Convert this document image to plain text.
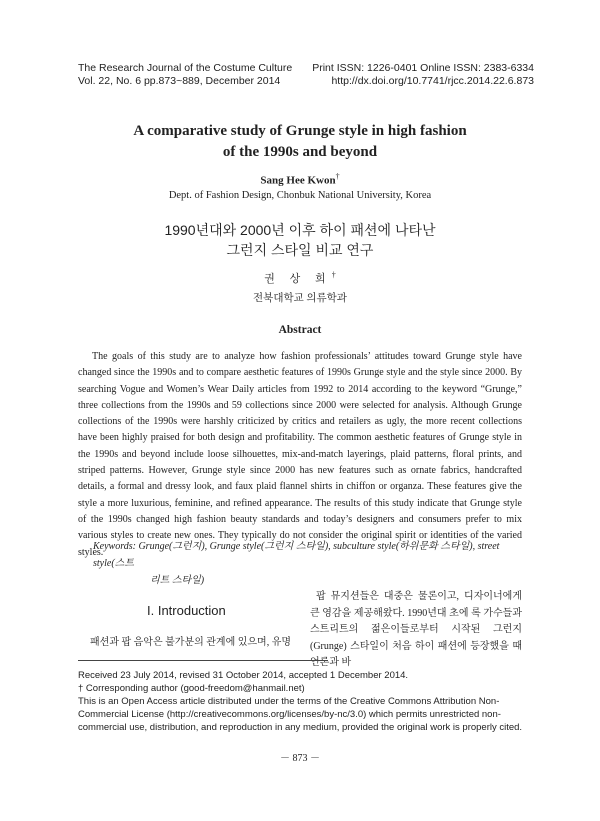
The Research Journal of the Costume Culture
Vol. 22, No. 6 pp.873~889, December 2014
Print ISSN: 1226-0401 Online ISSN: 2383-6334
http://dx.doi.org/10.7741/rjcc.2014.22.6.873
A comparative study of Grunge style in high fashion
of the 1990s and beyond
Sang Hee Kwon†
Dept. of Fashion Design, Chonbuk National University, Korea
1990년대와 2000년 이후 하이 패션에 나타난
그런지 스타일 비교 연구
권 상 희†
전북대학교 의류학과
Abstract
The goals of this study are to analyze how fashion professionals’ attitudes toward Grunge style have changed since the 1990s and to compare aesthetic features of 1990s Grunge style and the style since 2000. By searching Vogue and Women’s Wear Daily articles from 1992 to 2014 according to the keyword “Grunge,” three collections from the 1990s and 59 collections since 2000 were selected for analysis. Although Grunge collections of the 1990s were harshly criticized by critics and retailers as ugly, the more recent collections have been highly praised for both design and profitability. The common aesthetic features of Grunge style in the 1990s and beyond include loose silhouettes, mix-and-match layerings, plaid patterns, floral prints, and striped patterns. However, Grunge style since 2000 has new features such as ornate fabrics, handcrafted details, a formal and dressy look, and faux plaid flannel shirts in chiffon or organza. These features give the style a more luxurious, feminine, and refined appearance. The results of this study indicate that Grunge style of the 1990s changed high fashion beauty standards and today’s designers and consumers prefer to mix various styles to create new ones. They typically do not consider the original spirit or identities of the varied styles.
Keywords: Grunge(그런지), Grunge style(그런지 스타일), subculture style(하위문화 스타일), street style(스트
리트 스타일)
I. Introduction
패션과 팝 음악은 불가분의 관계에 있으며, 유명
팝 뮤지션들은 대중은 물론이고, 디자이너에게 큰 영감을 제공해왔다. 1990년대 초에 록 가수들과 스트리트의 젊은이들로부터 시작된 그런지(Grunge) 스타일이 처음 하이 패션에 등장했을 때 언론과 바

Received 23 July 2014, revised 31 October 2014, accepted 1 December 2014.

† Corresponding author (good-freedom@hanmail.net)

This is an Open Access article distributed under the terms of the Creative Commons Attribution Non-Commercial License (http://creativecommons.org/licenses/by-nc/3.0) which permits unrestricted non-commercial use, distribution, and reproduction in any medium, provided the original work is properly cited.

－ 873 －
